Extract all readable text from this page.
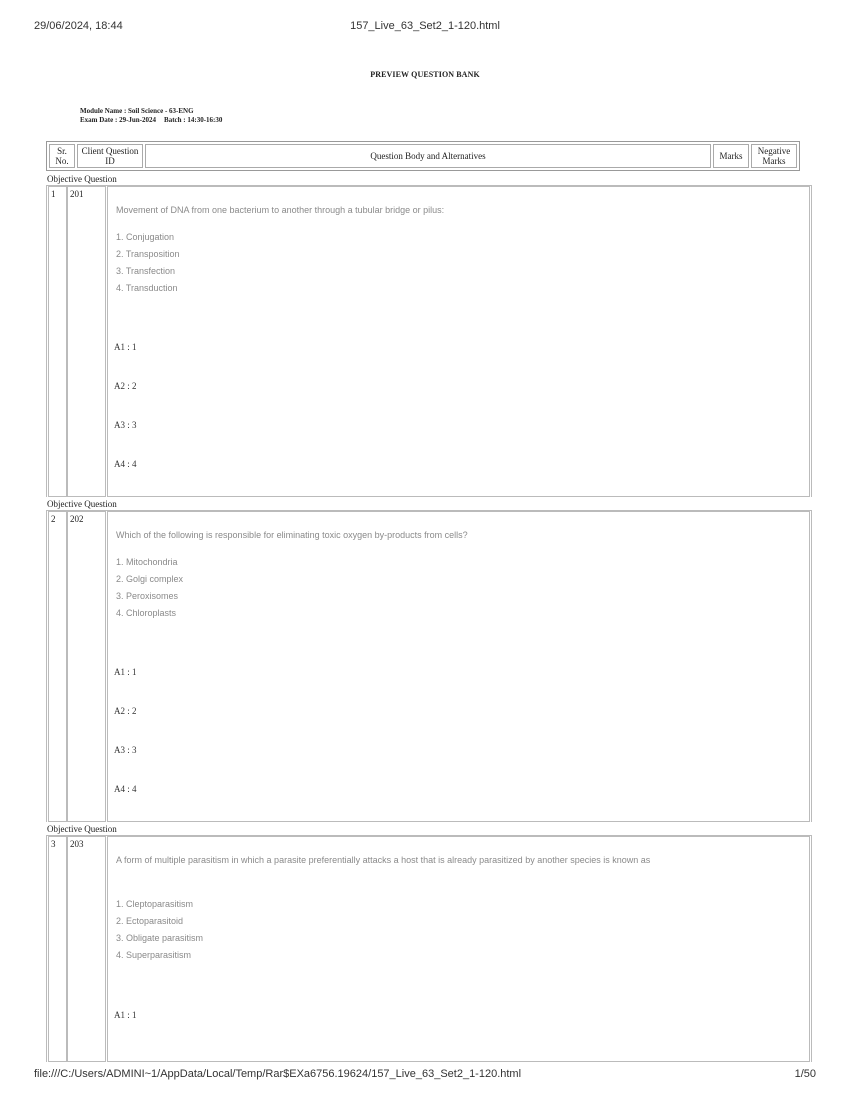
29/06/2024, 18:44	157_Live_63_Set2_1-120.html
PREVIEW QUESTION BANK
Module Name : Soil Science - 63-ENG
Exam Date : 29-Jun-2024 Batch : 14:30-16:30
Sr. No.	Client Question ID	Question Body and Alternatives	Marks	Negative Marks
Objective Question
1 201
Movement of DNA from one bacterium to another through a tubular bridge or pilus:
1. Conjugation
2. Transposition
3. Transfection
4. Transduction
A1 : 1
A2 : 2
A3 : 3
A4 : 4
Objective Question
2 202
Which of the following is responsible for eliminating toxic oxygen by-products from cells?
1. Mitochondria
2. Golgi complex
3. Peroxisomes
4. Chloroplasts
A1 : 1
A2 : 2
A3 : 3
A4 : 4
Objective Question
3 203
A form of multiple parasitism in which a parasite preferentially attacks a host that is already parasitized by another species is known as
1. Cleptoparasitism
2. Ectoparasitoid
3. Obligate parasitism
4. Superparasitism
A1 : 1
file:///C:/Users/ADMINI~1/AppData/Local/Temp/Rar$EXa6756.19624/157_Live_63_Set2_1-120.html	1/50
